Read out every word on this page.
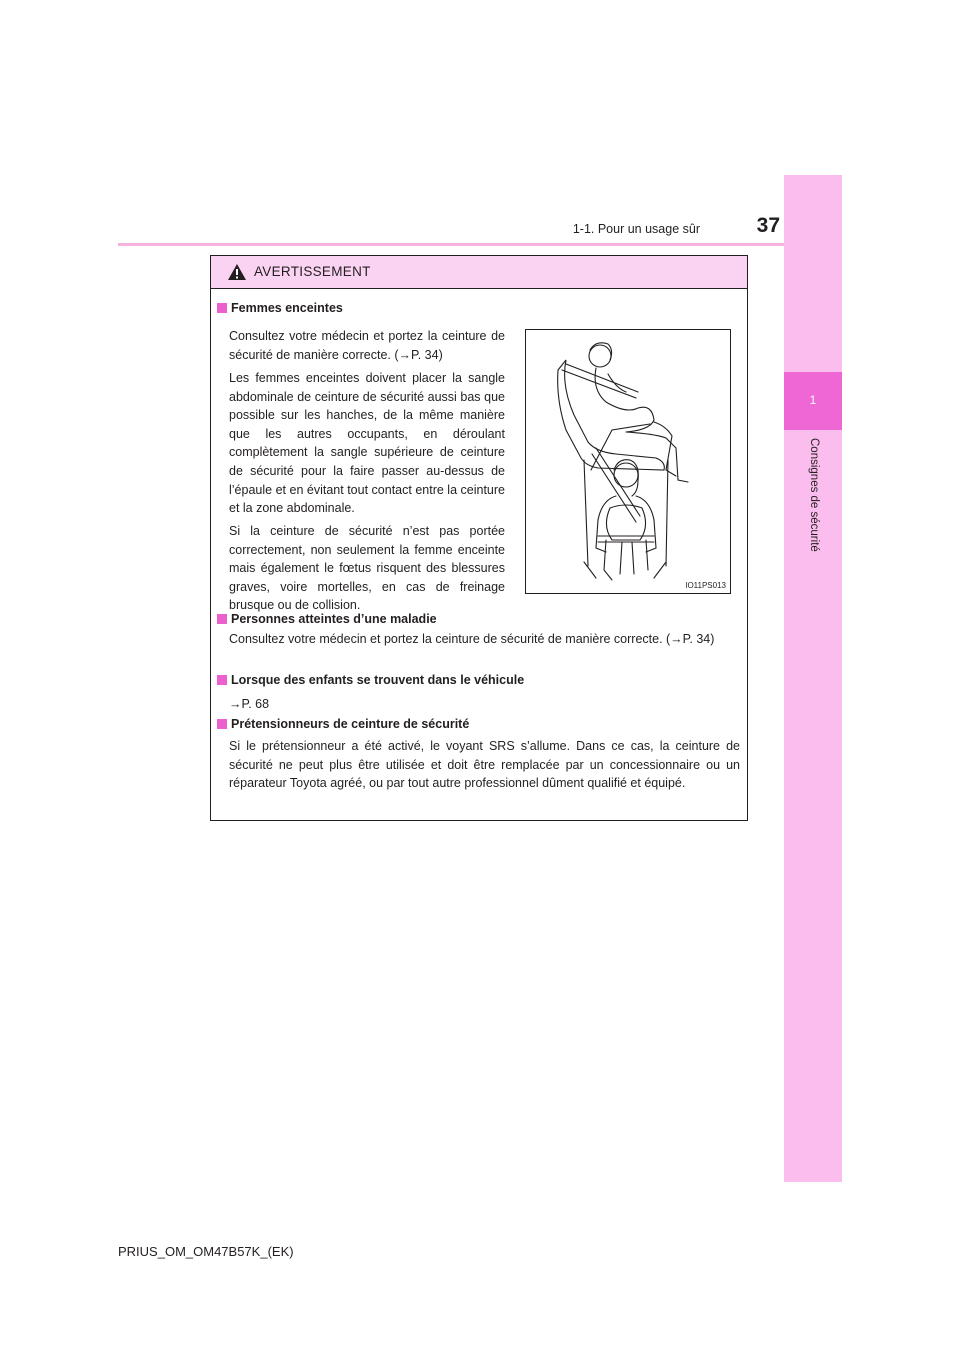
1-1. Pour un usage sûr	37
1
Consignes de sécurité
AVERTISSEMENT
Femmes enceintes
Consultez votre médecin et portez la ceinture de sécurité de manière correcte. (→P. 34)
Les femmes enceintes doivent placer la sangle abdominale de ceinture de sécurité aussi bas que possible sur les hanches, de la même manière que les autres occupants, en déroulant complètement la sangle supérieure de ceinture de sécurité pour la faire passer au-dessus de l’épaule et en évitant tout contact entre la ceinture et la zone abdominale.
Si la ceinture de sécurité n’est pas portée correctement, non seulement la femme enceinte mais également le fœtus risquent des blessures graves, voire mortelles, en cas de freinage brusque ou de collision.
IO11PS013
Personnes atteintes d’une maladie
Consultez votre médecin et portez la ceinture de sécurité de manière correcte. (→P. 34)
Lorsque des enfants se trouvent dans le véhicule
→P. 68
Prétensionneurs de ceinture de sécurité
Si le prétensionneur a été activé, le voyant SRS s’allume. Dans ce cas, la ceinture de sécurité ne peut plus être utilisée et doit être remplacée par un concessionnaire ou un réparateur Toyota agréé, ou par tout autre professionnel dûment qualifié et équipé.
PRIUS_OM_OM47B57K_(EK)
